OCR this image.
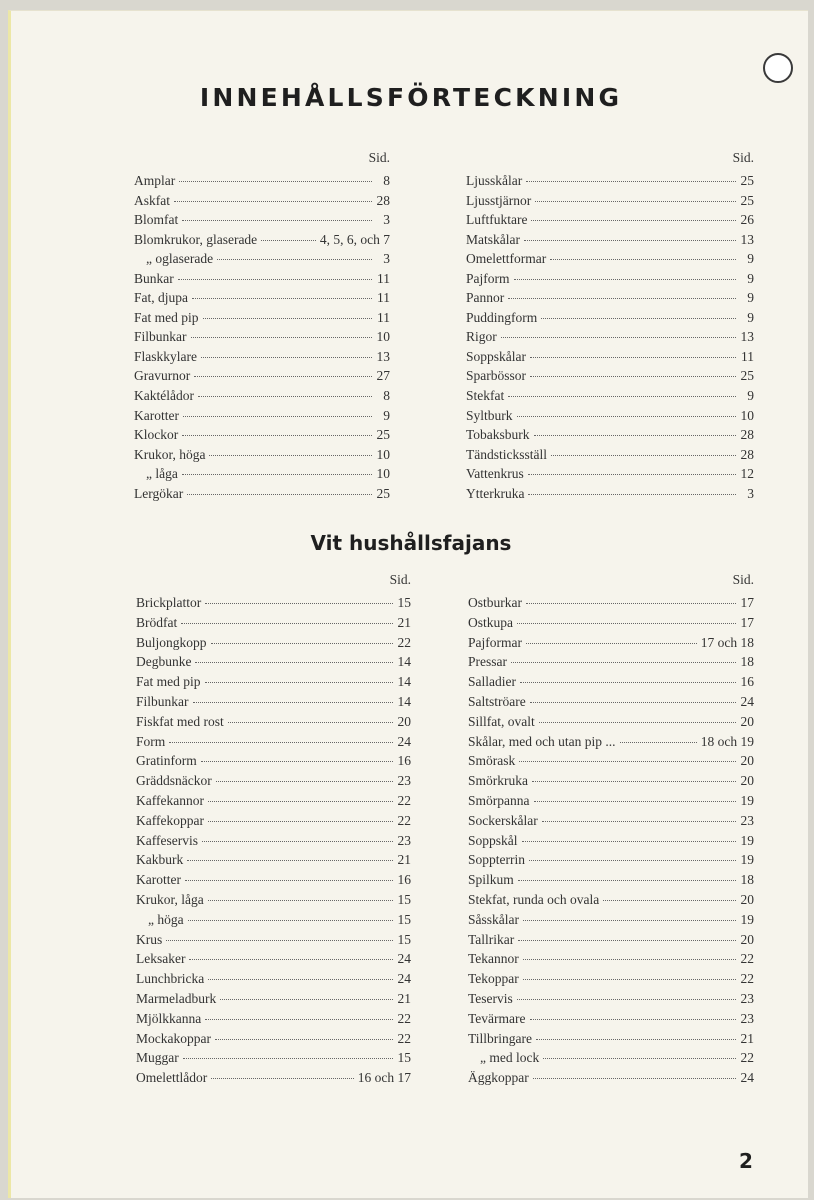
INNEHÅLLSFÖRTECKNING
Sid.
Amplar	8
Askfat	28
Blomfat	3
Blomkrukor, glaserade	4, 5, 6, och 7
„ oglaserade	3
Bunkar	11
Fat, djupa	11
Fat med pip	11
Filbunkar	10
Flaskkylare	13
Gravurnor	27
Kaktélådor	8
Karotter	9
Klockor	25
Krukor, höga	10
„ låga	10
Lergökar	25
Sid.
Ljusskålar	25
Ljusstjärnor	25
Luftfuktare	26
Matskålar	13
Omelettformar	9
Pajform	9
Pannor	9
Puddingform	9
Rigor	13
Soppskålar	11
Sparbössor	25
Stekfat	9
Syltburk	10
Tobaksburk	28
Tändsticksställ	28
Vattenkrus	12
Ytterkruka	3
Vit hushållsfajans
Sid.
Brickplattor	15
Brödfat	21
Buljongkopp	22
Degbunke	14
Fat med pip	14
Filbunkar	14
Fiskfat med rost	20
Form	24
Gratinform	16
Gräddsnäckor	23
Kaffekannor	22
Kaffekoppar	22
Kaffeservis	23
Kakburk	21
Karotter	16
Krukor, låga	15
„ höga	15
Krus	15
Leksaker	24
Lunchbricka	24
Marmeladburk	21
Mjölkkanna	22
Mockakoppar	22
Muggar	15
Omelettlådor	16 och 17
Sid.
Ostburkar	17
Ostkupa	17
Pajformar	17 och 18
Pressar	18
Salladier	16
Saltströare	24
Sillfat, ovalt	20
Skålar, med och utan pip ...	18 och 19
Smörask	20
Smörkruka	20
Smörpanna	19
Sockerskålar	23
Soppskål	19
Soppterrin	19
Spilkum	18
Stekfat, runda och ovala	20
Såsskålar	19
Tallrikar	20
Tekannor	22
Tekoppar	22
Teservis	23
Tevärmare	23
Tillbringare	21
„ med lock	22
Äggkoppar	24
2
